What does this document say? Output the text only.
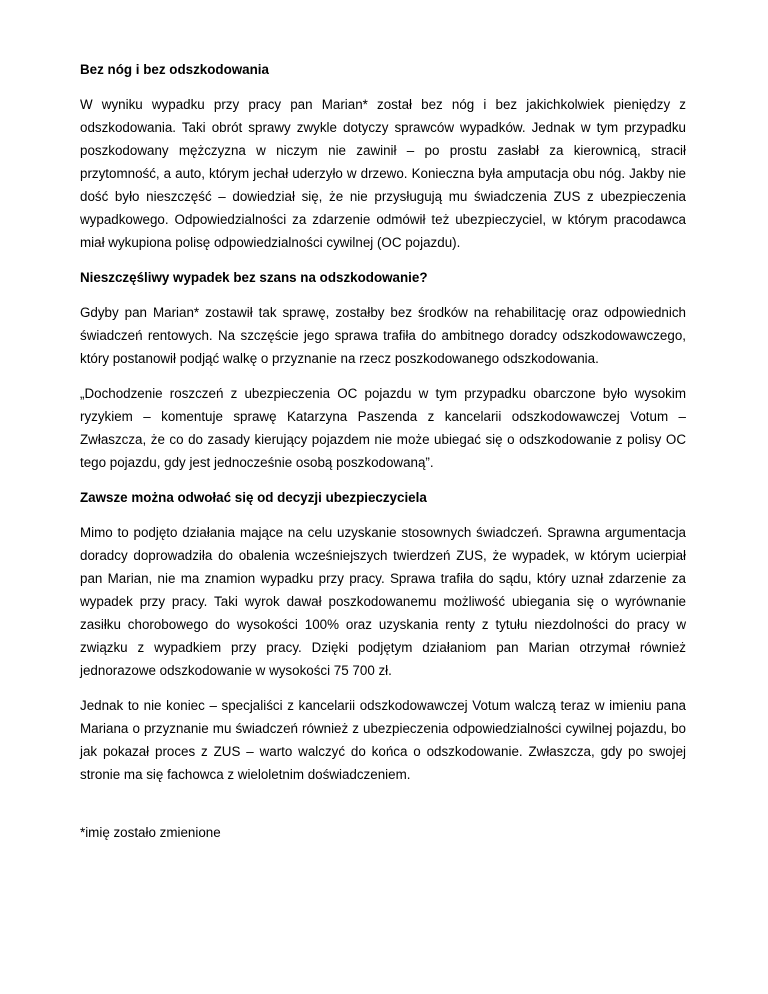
Bez nóg i bez odszkodowania

W wyniku wypadku przy pracy pan Marian* został bez nóg i bez jakichkolwiek pieniędzy z odszkodowania. Taki obrót sprawy zwykle dotyczy sprawców wypadków. Jednak w tym przypadku poszkodowany mężczyzna w niczym nie zawinił – po prostu zasłabł za kierownicą, stracił przytomność, a auto, którym jechał uderzyło w drzewo. Konieczna była amputacja obu nóg. Jakby nie dość było nieszczęść – dowiedział się, że nie przysługują mu świadczenia ZUS z ubezpieczenia wypadkowego. Odpowiedzialności za zdarzenie odmówił też ubezpieczyciel, w którym pracodawca miał wykupiona polisę odpowiedzialności cywilnej (OC pojazdu).

Nieszczęśliwy wypadek bez szans na odszkodowanie?

Gdyby pan Marian* zostawił tak sprawę, zostałby bez środków na rehabilitację oraz odpowiednich świadczeń rentowych. Na szczęście jego sprawa trafiła do ambitnego doradcy odszkodowawczego, który postanowił podjąć walkę o przyznanie na rzecz poszkodowanego odszkodowania.

„Dochodzenie roszczeń z ubezpieczenia OC pojazdu w tym przypadku obarczone było wysokim ryzykiem – komentuje sprawę Katarzyna Paszenda z kancelarii odszkodowawczej Votum – Zwłaszcza, że co do zasady kierujący pojazdem nie może ubiegać się o odszkodowanie z polisy OC tego pojazdu, gdy jest jednocześnie osobą poszkodowaną”.

Zawsze można odwołać się od decyzji ubezpieczyciela

Mimo to podjęto działania mające na celu uzyskanie stosownych świadczeń. Sprawna argumentacja doradcy doprowadziła do obalenia wcześniejszych twierdzeń ZUS, że wypadek, w którym ucierpiał pan Marian, nie ma znamion wypadku przy pracy. Sprawa trafiła do sądu, który uznał zdarzenie za wypadek przy pracy. Taki wyrok dawał poszkodowanemu możliwość ubiegania się o wyrównanie zasiłku chorobowego do wysokości 100% oraz uzyskania renty z tytułu niezdolności do pracy w związku z wypadkiem przy pracy. Dzięki podjętym działaniom pan Marian otrzymał również jednorazowe odszkodowanie w wysokości 75 700 zł.

Jednak to nie koniec – specjaliści z kancelarii odszkodowawczej Votum walczą teraz w imieniu pana Mariana o przyznanie mu świadczeń również z ubezpieczenia odpowiedzialności cywilnej pojazdu, bo jak pokazał proces z ZUS – warto walczyć do końca o odszkodowanie. Zwłaszcza, gdy po swojej stronie ma się fachowca z wieloletnim doświadczeniem.

*imię zostało zmienione
